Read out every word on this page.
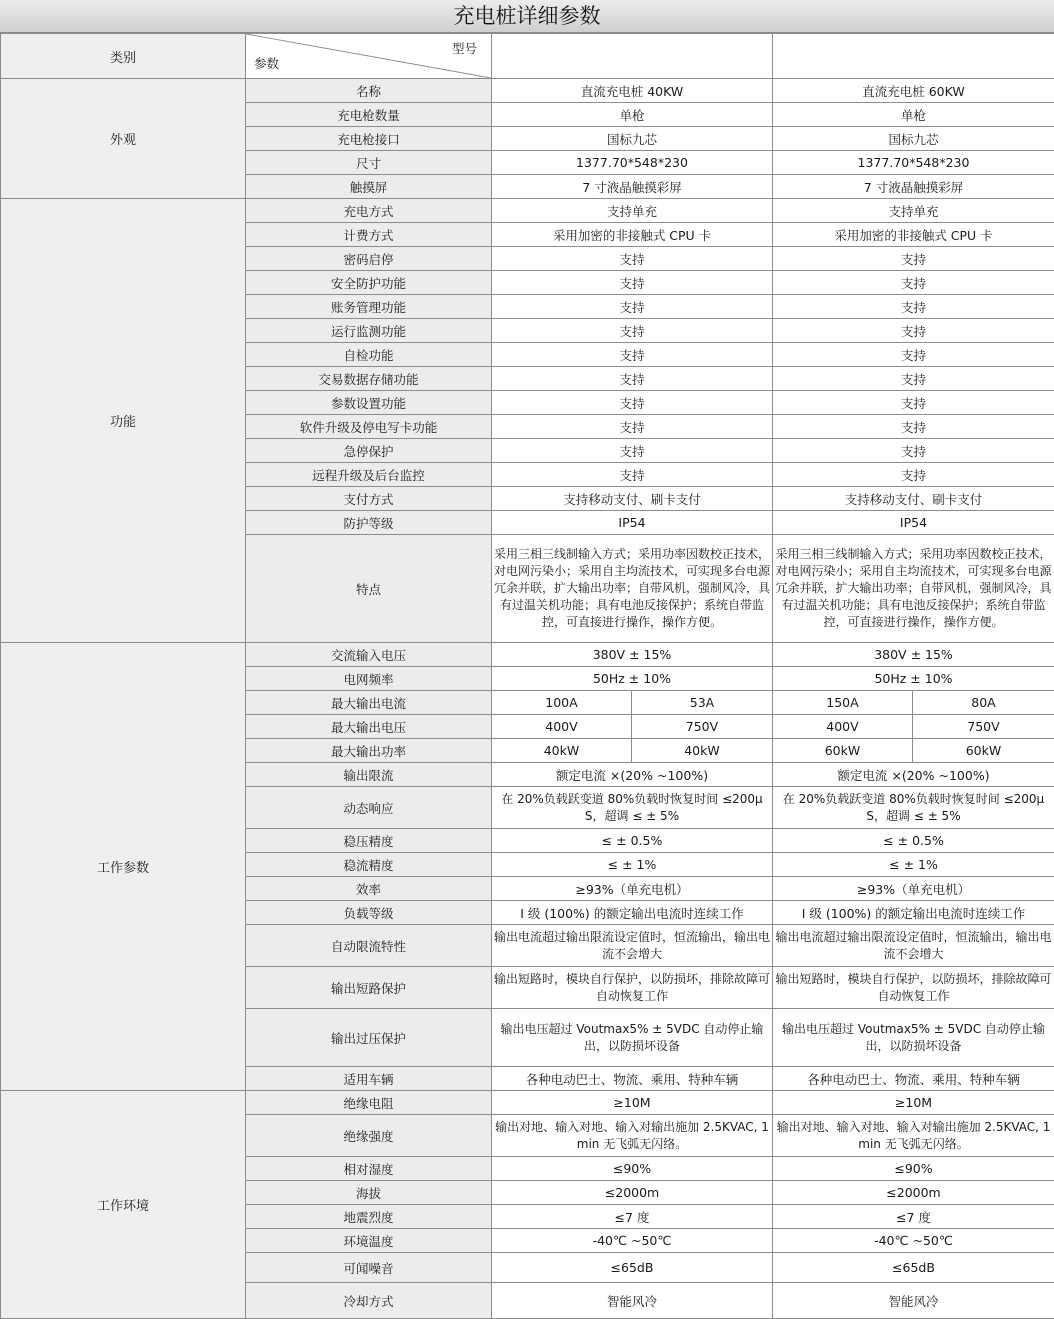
充电桩详细参数
类别	型号
参数				

外观	名称	直流充电桩 40KW		直流充电桩 60KW	
	充电枪数量	单枪		单枪	
	充电枪接口	国标九芯		国标九芯	
	尺寸	1377.70*548*230		1377.70*548*230	
	触摸屏	7 寸液晶触摸彩屏		7 寸液晶触摸彩屏	
功能	充电方式	支持单充		支持单充	
	计费方式	采用加密的非接触式 CPU 卡		采用加密的非接触式 CPU 卡	
	密码启停	支持		支持	
	安全防护功能	支持		支持	
	账务管理功能	支持		支持	
	运行监测功能	支持		支持	
	自检功能	支持		支持	
	交易数据存储功能	支持		支持	
	参数设置功能	支持		支持	
	软件升级及停电写卡功能	支持		支持	
	急停保护	支持		支持	
	远程升级及后台监控	支持		支持	
	支付方式	支持移动支付、刷卡支付		支持移动支付、刷卡支付	
	防护等级	IP54		IP54	
	特点	采用三相三线制输入方式；采用功率因数校正技术，对电网污染小；采用自主均流技术，可实现多台电源冗余并联，扩大输出功率；自带风机，强制风冷，具有过温关机功能；具有电池反接保护；系统自带监控，可直接进行操作，操作方便。		采用三相三线制输入方式；采用功率因数校正技术，对电网污染小；采用自主均流技术，可实现多台电源冗余并联，扩大输出功率；自带风机，强制风冷，具有过温关机功能；具有电池反接保护；系统自带监控，可直接进行操作，操作方便。	
工作参数	交流输入电压	380V ± 15%		380V ± 15%	
	电网频率	50Hz ± 10%		50Hz ± 10%	
	最大输出电流	100A	53A	150A	80A
	最大输出电压	400V	750V	400V	750V
	最大输出功率	40kW	40kW	60kW	60kW
	输出限流	额定电流 ×(20% ~100%)		额定电流 ×(20% ~100%)	
	动态响应	在 20%负载跃变道 80%负载时恢复时间 ≤200μS，超调 ≤ ± 5%		在 20%负载跃变道 80%负载时恢复时间 ≤200μS，超调 ≤ ± 5%	
	稳压精度	≤ ± 0.5%		≤ ± 0.5%	
	稳流精度	≤ ± 1%		≤ ± 1%	
	效率	≥93%（单充电机）		≥93%（单充电机）	
	负载等级	Ⅰ 级 (100%) 的额定输出电流时连续工作		Ⅰ 级 (100%) 的额定输出电流时连续工作	
	自动限流特性	输出电流超过输出限流设定值时，恒流输出，输出电流不会增大		输出电流超过输出限流设定值时，恒流输出，输出电流不会增大	
	输出短路保护	输出短路时，模块自行保护，以防损坏，排除故障可自动恢复工作		输出短路时，模块自行保护，以防损坏，排除故障可自动恢复工作	
	输出过压保护	输出电压超过 Voutmax5% ± 5VDC 自动停止输出，以防损坏设备		输出电压超过 Voutmax5% ± 5VDC 自动停止输出，以防损坏设备	
	适用车辆	各种电动巴士、物流、乘用、特种车辆		各种电动巴士、物流、乘用、特种车辆	
工作环境	绝缘电阻	≥10M		≥10M	
	绝缘强度	输出对地、输入对地、输入对输出施加 2.5KVAC, 1min 无飞弧无闪络。		输出对地、输入对地、输入对输出施加 2.5KVAC, 1min 无飞弧无闪络。	
	相对湿度	≤90%		≤90%	
	海拔	≤2000m		≤2000m	
	地震烈度	≤7 度		≤7 度	
	环境温度	-40℃ ~50℃		-40℃ ~50℃	
	可闻噪音	≤65dB		≤65dB	
	冷却方式	智能风冷		智能风冷	
